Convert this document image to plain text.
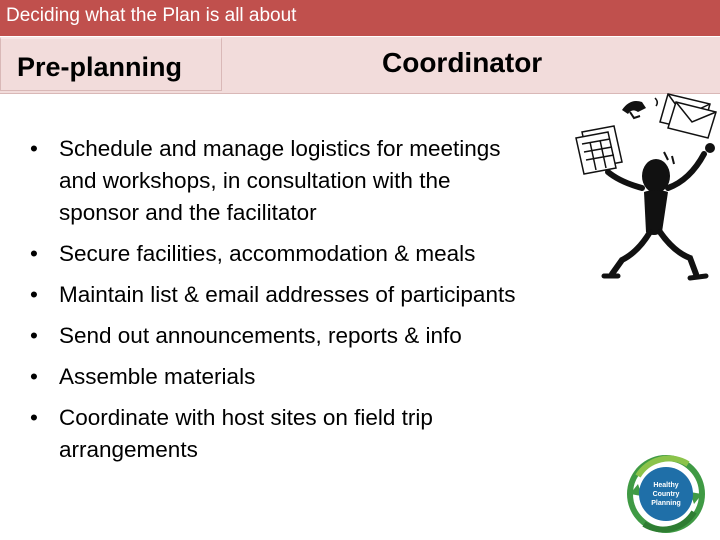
Deciding what the Plan is all about
Pre-planning	Coordinator
• Schedule and manage logistics for meetings
and workshops, in consultation with the
sponsor and the facilitator
• Secure facilities, accommodation & meals
• Maintain list & email addresses of participants
• Send out announcements, reports & info
• Assemble materials
• Coordinate with host sites on field trip
arrangements
Healthy
Country
Planning
